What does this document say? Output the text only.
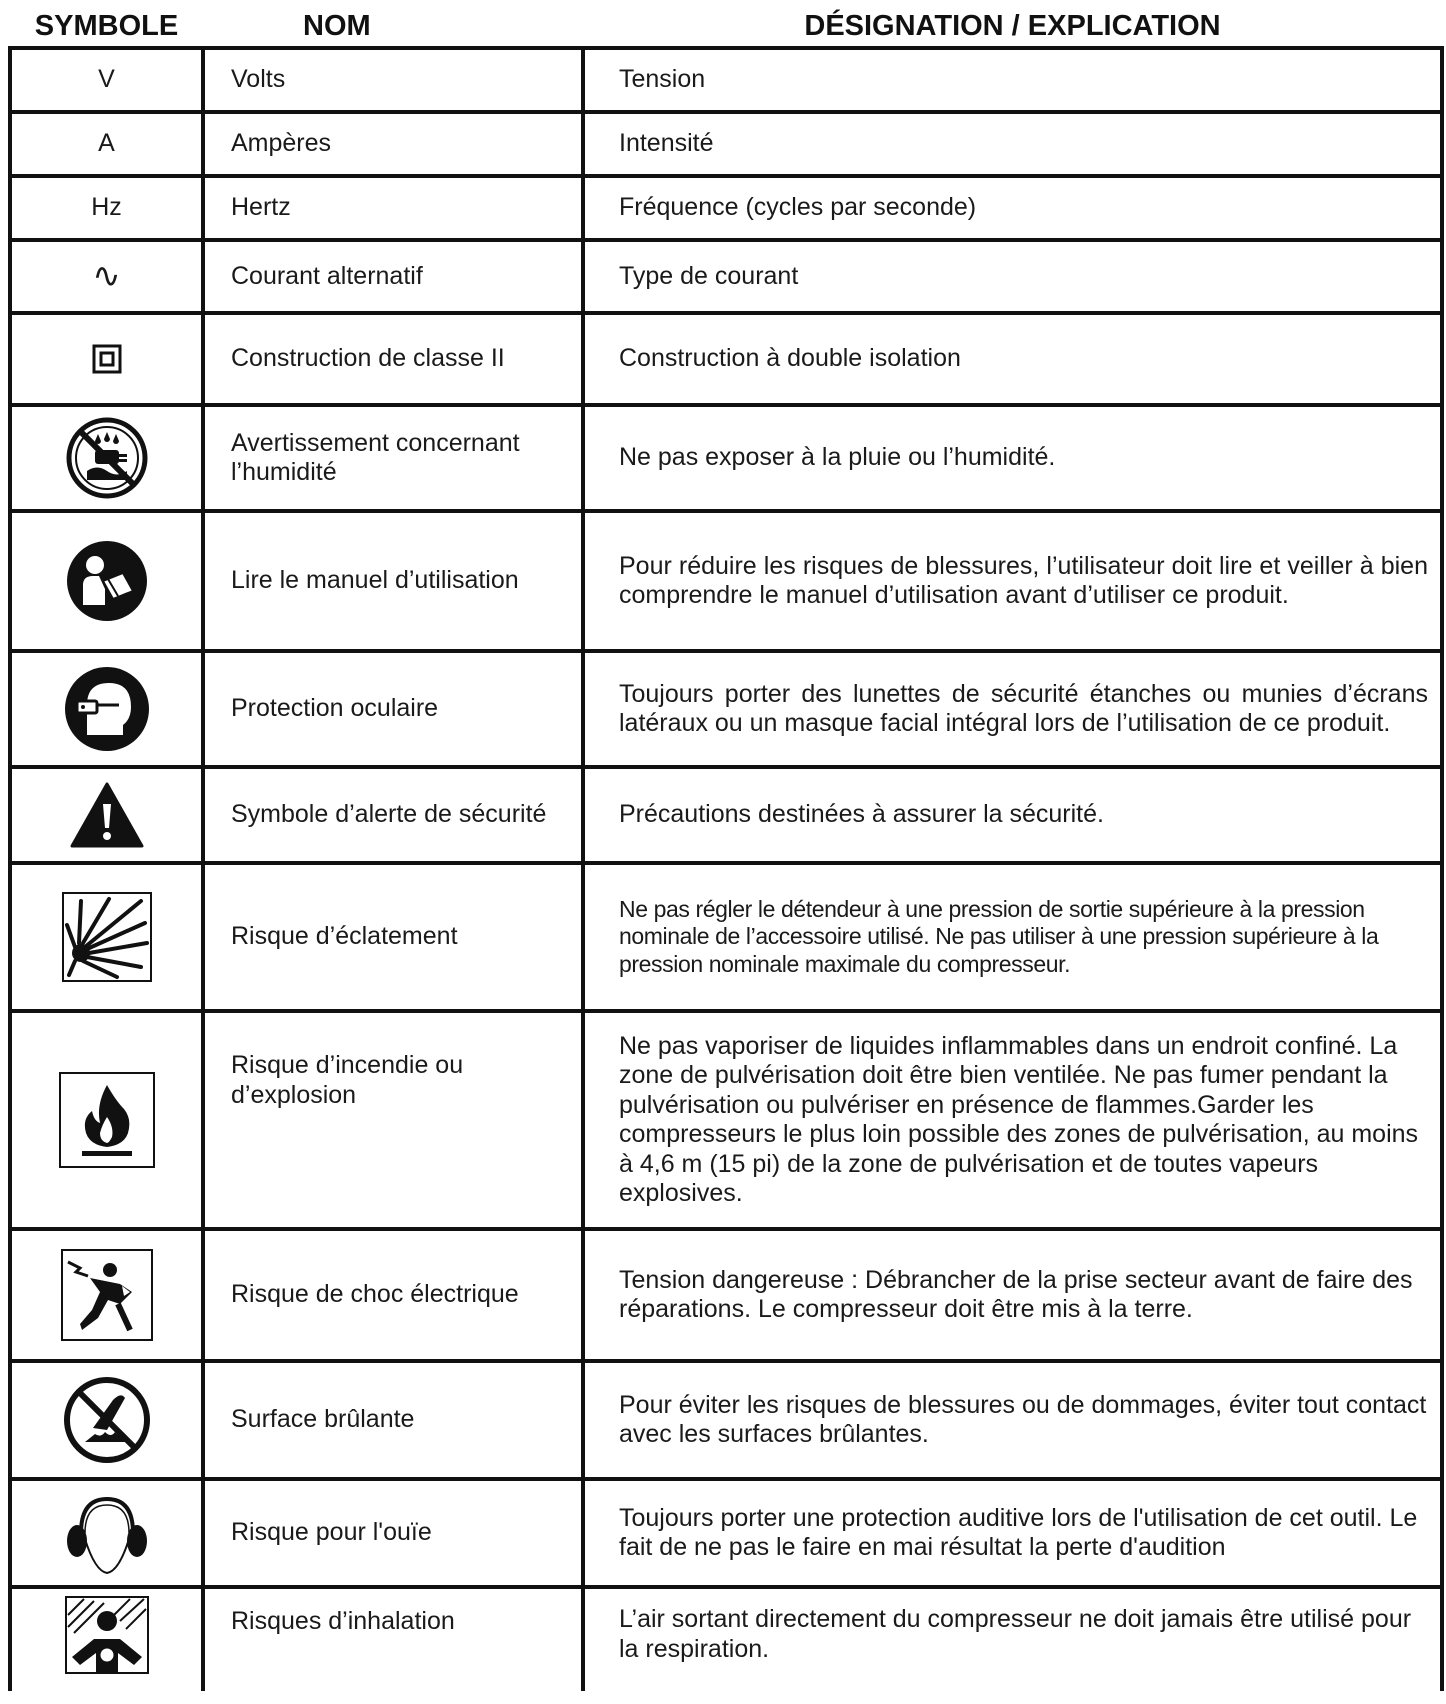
SYMBOLE	NOM	DÉSIGNATION / EXPLICATION
V	Volts	Tension
A	Ampères	Intensité
Hz	Hertz	Fréquence (cycles par seconde)
∿	Courant alternatif	Type de courant
	Construction de classe II	Construction à double isolation
	Avertissement concernant l’humidité	Ne pas exposer à la pluie ou l’humidité.
	Lire le manuel d’utilisation	Pour réduire les risques de blessures, l’utilisateur doit lire et veiller à bien comprendre le manuel d’utilisation avant d’utiliser ce produit.
	Protection oculaire	Toujours porter des lunettes de sécurité étanches ou munies d’écrans latéraux ou un masque facial intégral lors de l’utilisation de ce produit.
	Symbole d’alerte de sécurité	Précautions destinées à assurer la sécurité.
	Risque d’éclatement	Ne pas régler le détendeur à une pression de sortie supérieure à la pression nominale de l’accessoire utilisé. Ne pas utiliser à une pression supérieure à la pression nominale maximale du compresseur.
	Risque d’incendie ou d’explosion	Ne pas vaporiser de liquides inflammables dans un endroit confiné. La zone de pulvérisation doit être bien ventilée. Ne pas fumer pendant la pulvérisation ou pulvériser en présence de flammes.Garder les compresseurs le plus loin possible des zones de pulvérisation, au moins à 4,6 m (15 pi) de la zone de pulvérisation et de toutes vapeurs explosives.
	Risque de choc électrique	Tension dangereuse : Débrancher de la prise secteur avant de faire des réparations. Le compresseur doit être mis à la terre.
	Surface brûlante	Pour éviter les risques de blessures ou de dommages, éviter tout contact avec les surfaces brûlantes.
	Risque pour l'ouïe	Toujours porter une protection auditive lors de l'utilisation de cet outil. Le fait de ne pas le faire en mai résultat la perte d'audition
	Risques d’inhalation	L’air sortant directement du compresseur ne doit jamais être utilisé pour la respiration.
